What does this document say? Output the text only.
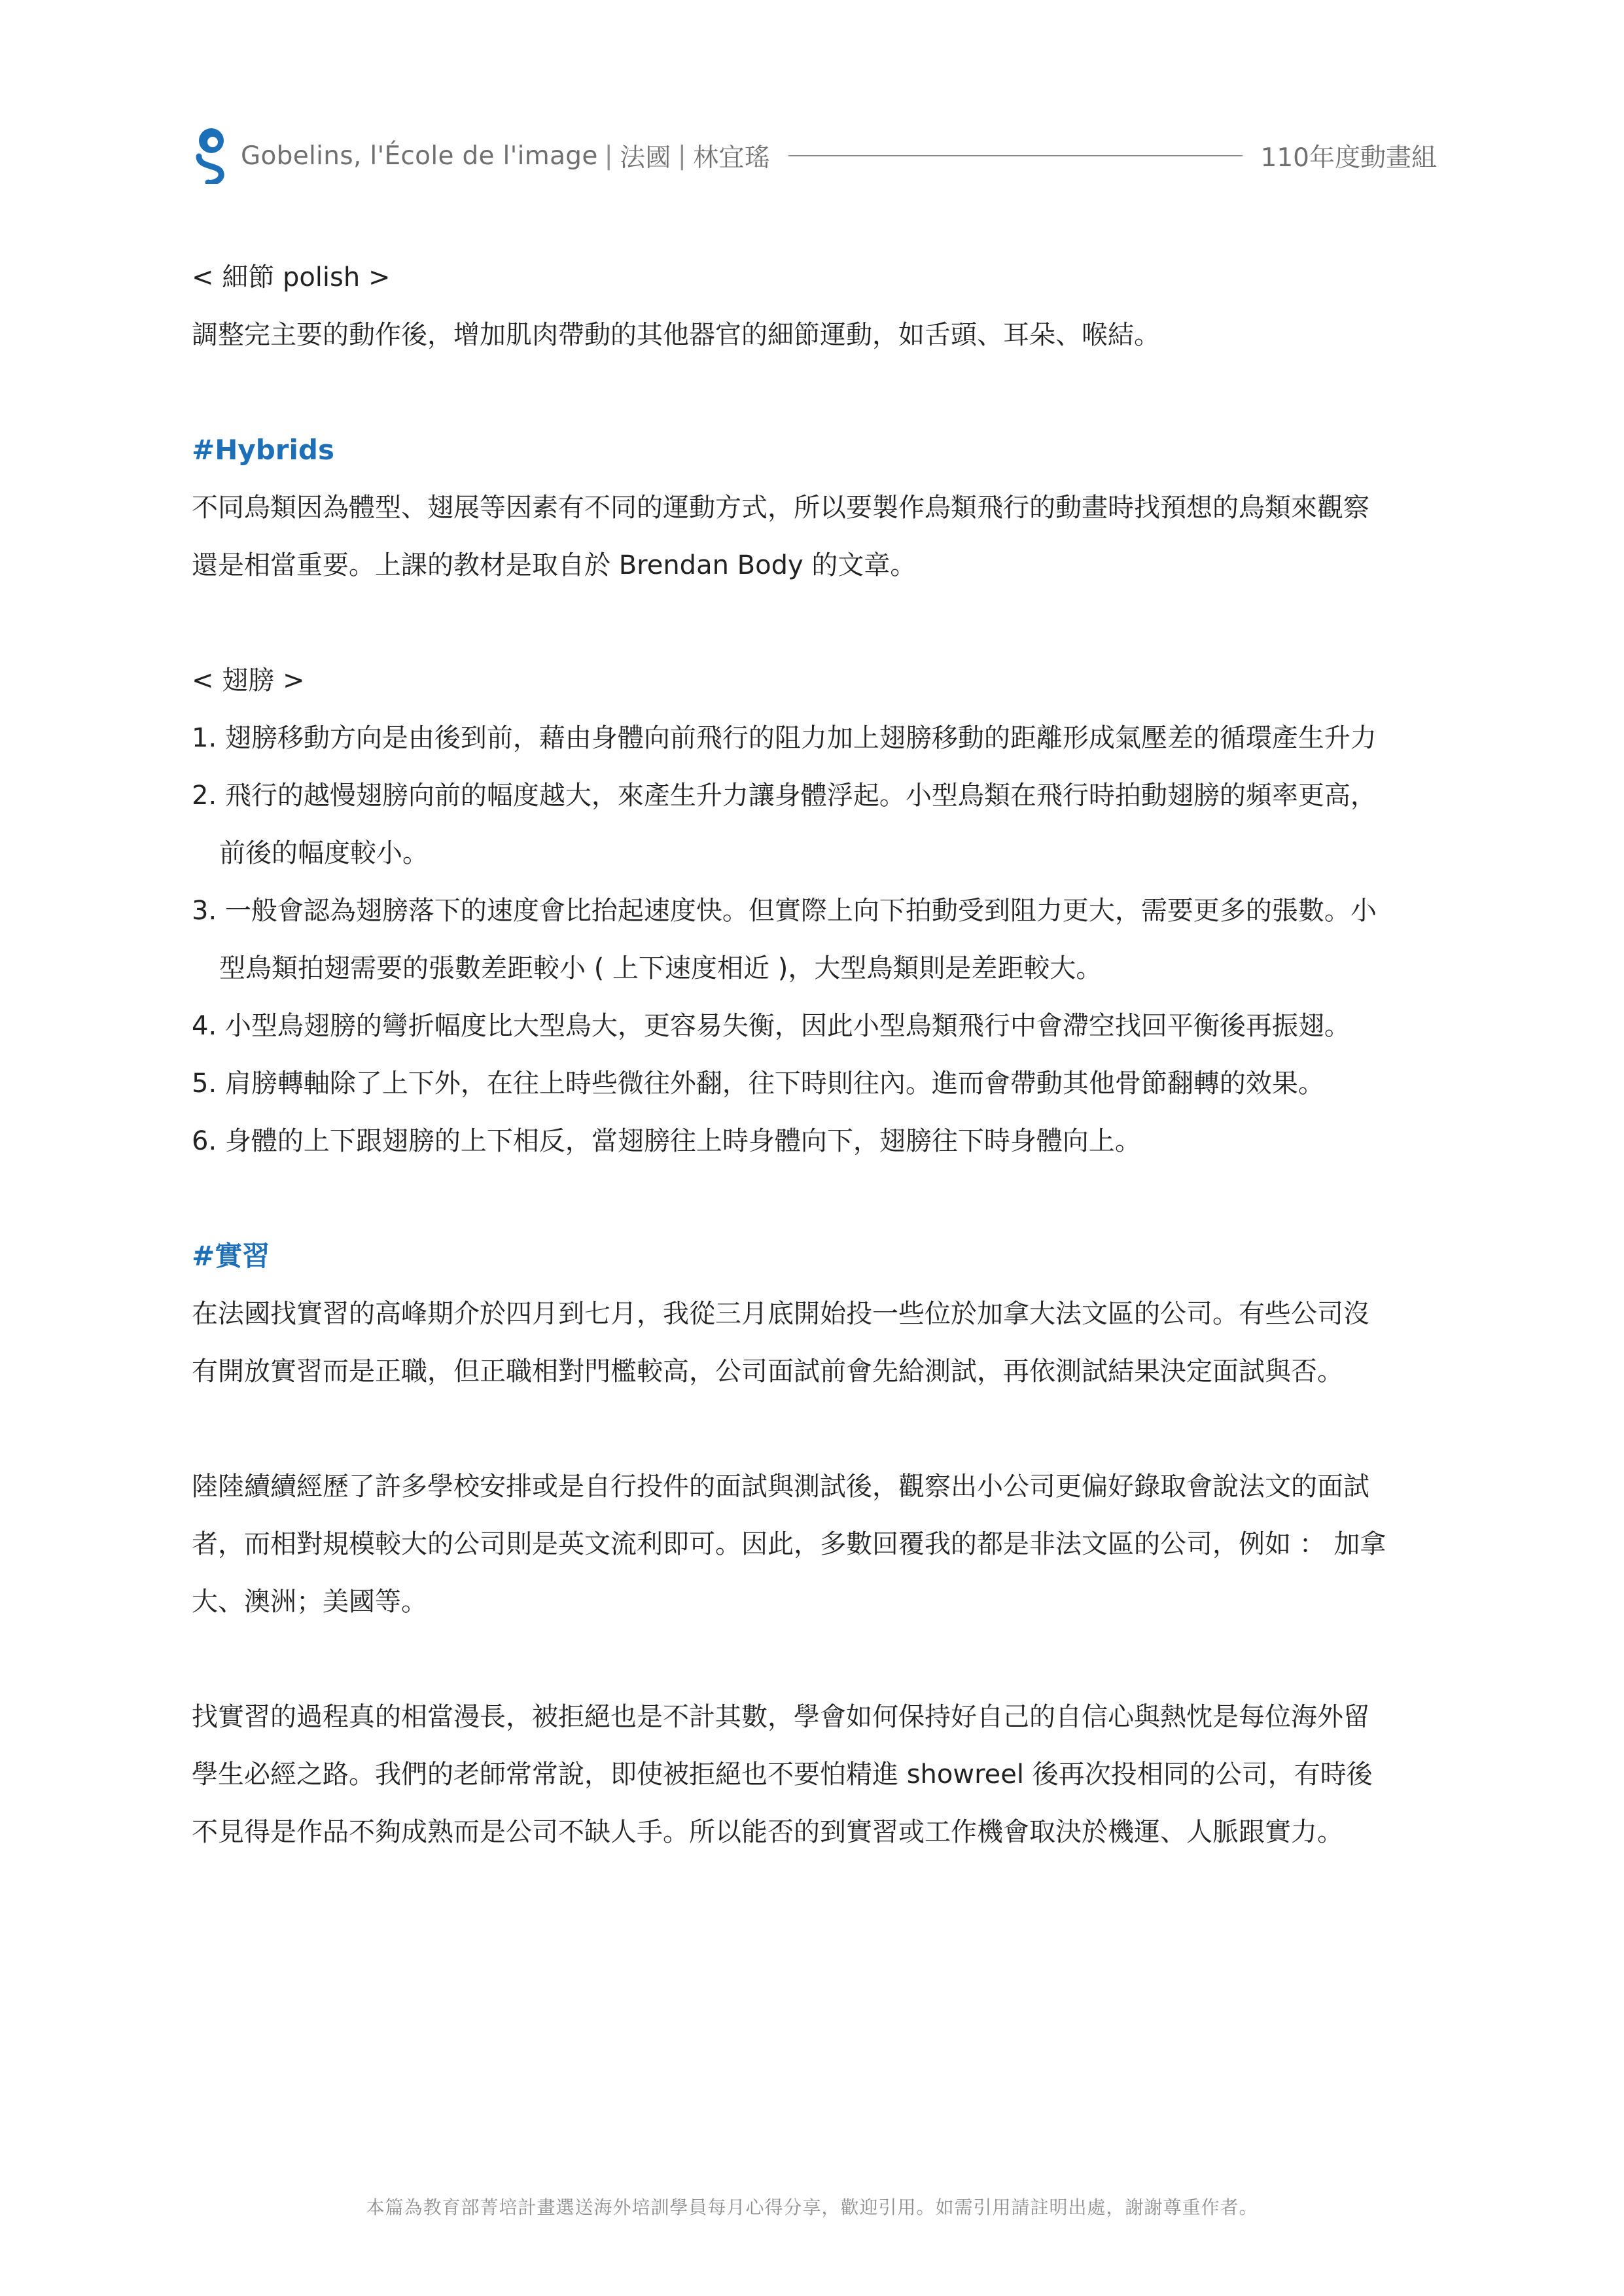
Gobelins, l'École de l'image | 法國 | 林宜瑤	110年度動畫組
< 細節 polish >
調整完主要的動作後，增加肌肉帶動的其他器官的細節運動，如舌頭、耳朵、喉結。
#Hybrids
不同鳥類因為體型、翅展等因素有不同的運動方式，所以要製作鳥類飛行的動畫時找預想的鳥類來觀察
還是相當重要。上課的教材是取自於 Brendan Body 的文章。
< 翅膀 >
1. 翅膀移動方向是由後到前，藉由身體向前飛行的阻力加上翅膀移動的距離形成氣壓差的循環產生升力
2. 飛行的越慢翅膀向前的幅度越大，來產生升力讓身體浮起。小型鳥類在飛行時拍動翅膀的頻率更高，
前後的幅度較小。
3. 一般會認為翅膀落下的速度會比抬起速度快。但實際上向下拍動受到阻力更大，需要更多的張數。小
型鳥類拍翅需要的張數差距較小 ( 上下速度相近 )，大型鳥類則是差距較大。
4. 小型鳥翅膀的彎折幅度比大型鳥大，更容易失衡，因此小型鳥類飛行中會滯空找回平衡後再振翅。
5. 肩膀轉軸除了上下外，在往上時些微往外翻，往下時則往內。進而會帶動其他骨節翻轉的效果。
6. 身體的上下跟翅膀的上下相反，當翅膀往上時身體向下，翅膀往下時身體向上。
#實習
在法國找實習的高峰期介於四月到七月，我從三月底開始投一些位於加拿大法文區的公司。有些公司沒
有開放實習而是正職，但正職相對門檻較高，公司面試前會先給測試，再依測試結果決定面試與否。
陸陸續續經歷了許多學校安排或是自行投件的面試與測試後，觀察出小公司更偏好錄取會說法文的面試
者，而相對規模較大的公司則是英文流利即可。因此，多數回覆我的都是非法文區的公司，例如 ： 加拿
大、澳洲；美國等。
找實習的過程真的相當漫長，被拒絕也是不計其數，學會如何保持好自己的自信心與熱忱是每位海外留
學生必經之路。我們的老師常常說，即使被拒絕也不要怕精進 showreel 後再次投相同的公司，有時後
不見得是作品不夠成熟而是公司不缺人手。所以能否的到實習或工作機會取決於機運、人脈跟實力。
本篇為教育部菁培計畫選送海外培訓學員每月心得分享，歡迎引用。如需引用請註明出處，謝謝尊重作者。
